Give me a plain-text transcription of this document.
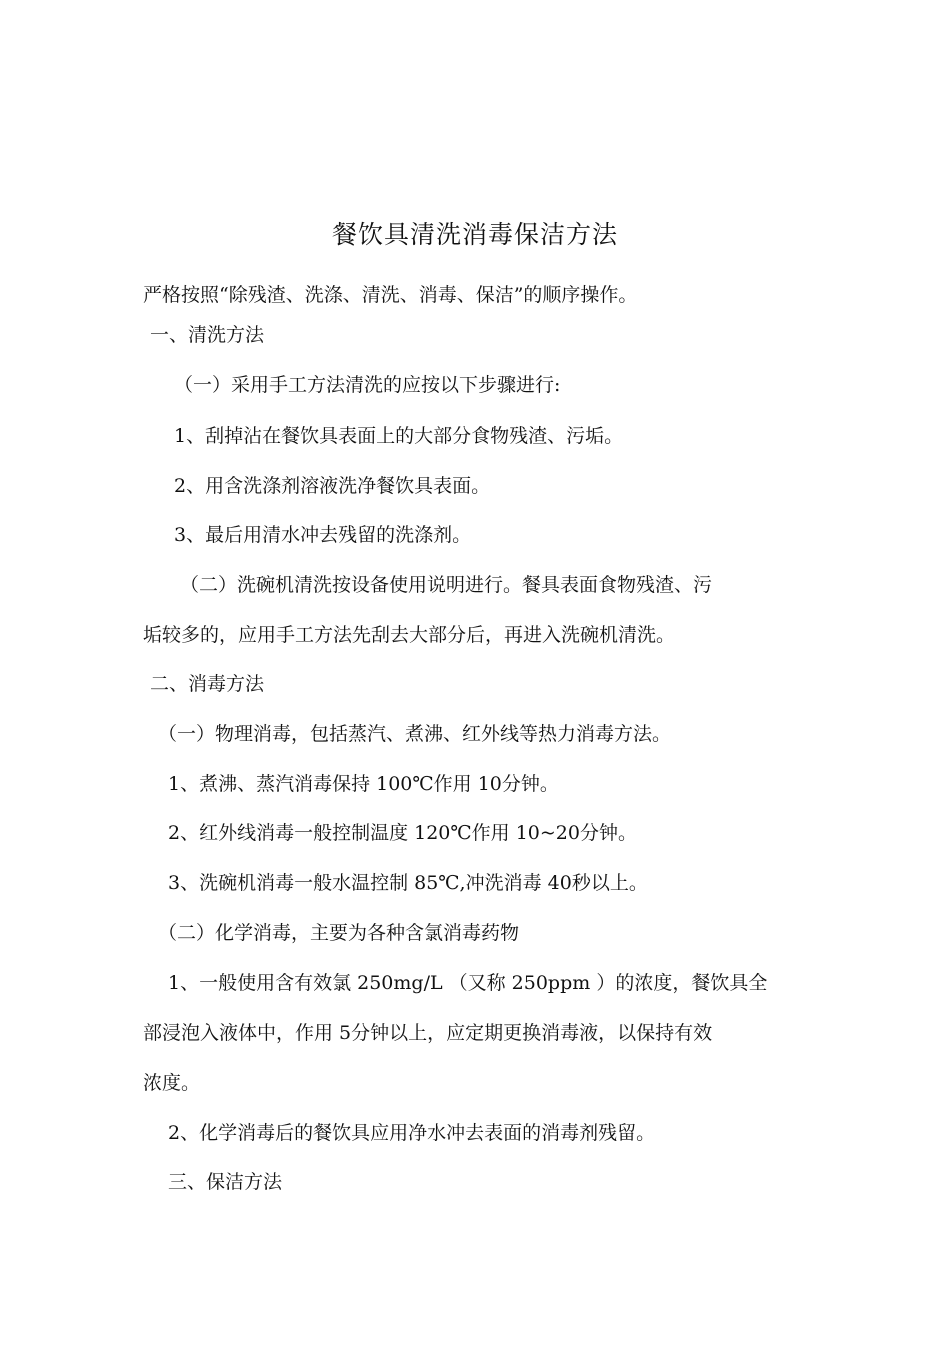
餐饮具清洗消毒保洁方法
严格按照“除残渣、洗涤、清洗、消毒、保洁”的顺序操作。
一、清洗方法
（一）采用手工方法清洗的应按以下步骤进行:
1、刮掉沾在餐饮具表面上的大部分食物残渣、污垢。
2、用含洗涤剂溶液洗净餐饮具表面。
3、最后用清水冲去残留的洗涤剂。
（二）洗碗机清洗按设备使用说明进行。餐具表面食物残渣、污
垢较多的，应用手工方法先刮去大部分后，再进入洗碗机清洗。
二、消毒方法
（一）物理消毒，包括蒸汽、煮沸、红外线等热力消毒方法。
1、煮沸、蒸汽消毒保持 100℃作用 10分钟。
2、红外线消毒一般控制温度 120℃作用 10~20分钟。
3、洗碗机消毒一般水温控制 85℃,冲洗消毒 40秒以上。
（二）化学消毒，主要为各种含氯消毒药物
1、一般使用含有效氯 250mg/L （又称 250ppm ）的浓度，餐饮具全
部浸泡入液体中，作用 5分钟以上，应定期更换消毒液，以保持有效
浓度。
2、化学消毒后的餐饮具应用净水冲去表面的消毒剂残留。
三、保洁方法
